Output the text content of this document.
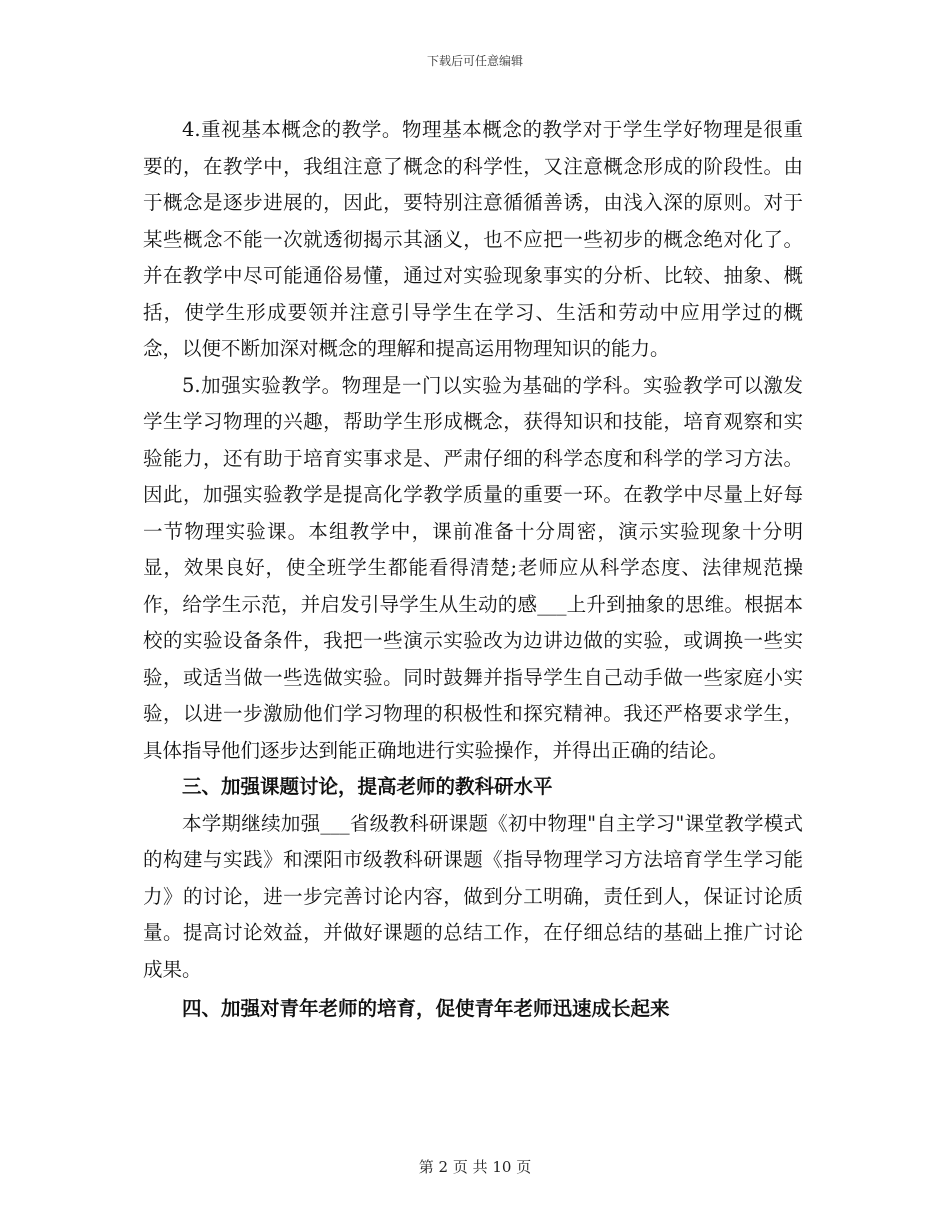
下载后可任意编辑

4.重视基本概念的教学。物理基本概念的教学对于学生学好物理是很重要的，在教学中，我组注意了概念的科学性，又注意概念形成的阶段性。由于概念是逐步进展的，因此，要特别注意循循善诱，由浅入深的原则。对于某些概念不能一次就透彻揭示其涵义，也不应把一些初步的概念绝对化了。并在教学中尽可能通俗易懂，通过对实验现象事实的分析、比较、抽象、概括，使学生形成要领并注意引导学生在学习、生活和劳动中应用学过的概念，以便不断加深对概念的理解和提高运用物理知识的能力。

5.加强实验教学。物理是一门以实验为基础的学科。实验教学可以激发学生学习物理的兴趣，帮助学生形成概念，获得知识和技能，培育观察和实验能力，还有助于培育实事求是、严肃仔细的科学态度和科学的学习方法。因此，加强实验教学是提高化学教学质量的重要一环。在教学中尽量上好每一节物理实验课。本组教学中，课前准备十分周密，演示实验现象十分明显，效果良好，使全班学生都能看得清楚;老师应从科学态度、法律规范操作，给学生示范，并启发引导学生从生动的感___上升到抽象的思维。根据本校的实验设备条件，我把一些演示实验改为边讲边做的实验，或调换一些实验，或适当做一些选做实验。同时鼓舞并指导学生自己动手做一些家庭小实验，以进一步激励他们学习物理的积极性和探究精神。我还严格要求学生，具体指导他们逐步达到能正确地进行实验操作，并得出正确的结论。

三、加强课题讨论，提高老师的教科研水平

本学期继续加强___省级教科研课题《初中物理"自主学习"课堂教学模式的构建与实践》和溧阳市级教科研课题《指导物理学习方法培育学生学习能力》的讨论，进一步完善讨论内容，做到分工明确，责任到人，保证讨论质量。提高讨论效益，并做好课题的总结工作，在仔细总结的基础上推广讨论成果。

四、加强对青年老师的培育，促使青年老师迅速成长起来

第 2 页 共 10 页
